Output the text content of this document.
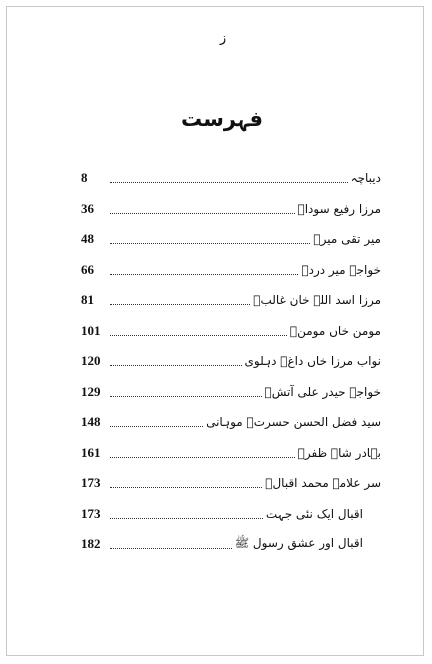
ز
فہرست
8	دیباچہ
36	مرزا رفیع سوداؔ
48	میر تقی میرؔ
66	خواجہ میر دردؔ
81	مرزا اسد اللہ خان غالبؔ
101	مومن خاں مومنؔ
120	نواب مرزا خاں داغؔ دہلوی
129	خواجہ حیدر علی آتشؔ
148	سید فضل الحسن حسرتؔ موہانی
161	بہادر شاہ ظفرؔ
173	سر علامہ محمد اقبالؔ
173	اقبال ایک نئی جہت
182	اقبال اور عشق رسول ﷺ
